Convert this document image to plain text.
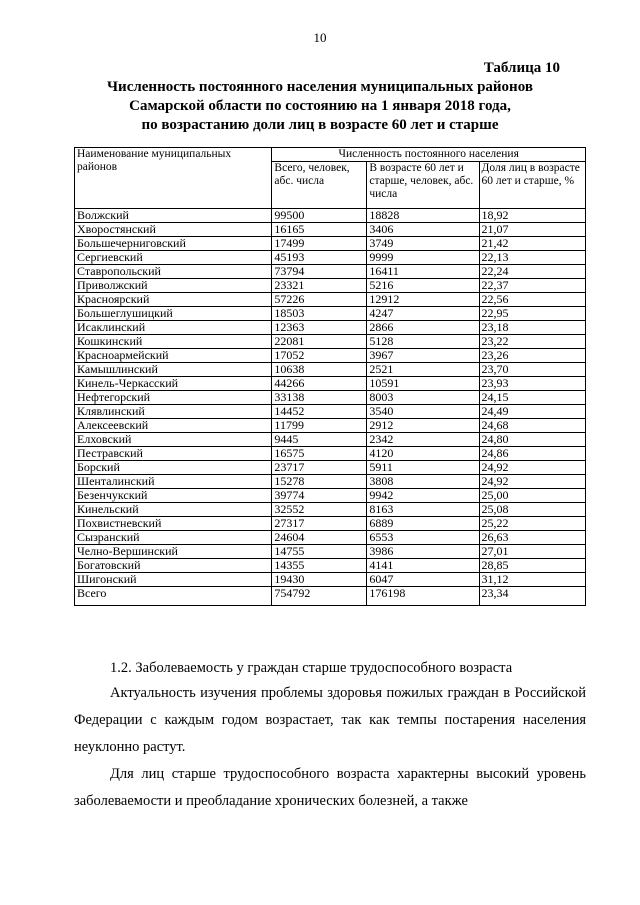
10
Таблица 10
Численность постоянного населения муниципальных районов
Самарской области по состоянию на 1 января 2018 года,
по возрастанию доли лиц в возрасте 60 лет и старше
Наименование муниципальных районов	Численность постоянного населения		
	Всего, человек, абс. числа	В возрасте 60 лет и старше, человек, абс. числа	Доля лиц в возрасте 60 лет и старше, %
Волжский	99500	18828	18,92
Хворостянский	16165	3406	21,07
Большечерниговский	17499	3749	21,42
Сергиевский	45193	9999	22,13
Ставропольский	73794	16411	22,24
Приволжский	23321	5216	22,37
Красноярский	57226	12912	22,56
Большеглушицкий	18503	4247	22,95
Исаклинский	12363	2866	23,18
Кошкинский	22081	5128	23,22
Красноармейский	17052	3967	23,26
Камышлинский	10638	2521	23,70
Кинель-Черкасский	44266	10591	23,93
Нефтегорский	33138	8003	24,15
Клявлинский	14452	3540	24,49
Алексеевский	11799	2912	24,68
Елховский	9445	2342	24,80
Пестравский	16575	4120	24,86
Борский	23717	5911	24,92
Шенталинский	15278	3808	24,92
Безенчукский	39774	9942	25,00
Кинельский	32552	8163	25,08
Похвистневский	27317	6889	25,22
Сызранский	24604	6553	26,63
Челно-Вершинский	14755	3986	27,01
Богатовский	14355	4141	28,85
Шигонский	19430	6047	31,12
Всего	754792	176198	23,34
1.2. Заболеваемость у граждан старше трудоспособного возраста
Актуальность изучения проблемы здоровья пожилых граждан в Российской Федерации с каждым годом возрастает, так как темпы постарения населения неуклонно растут.
Для лиц старше трудоспособного возраста характерны высокий уровень заболеваемости и преобладание хронических болезней, а также
